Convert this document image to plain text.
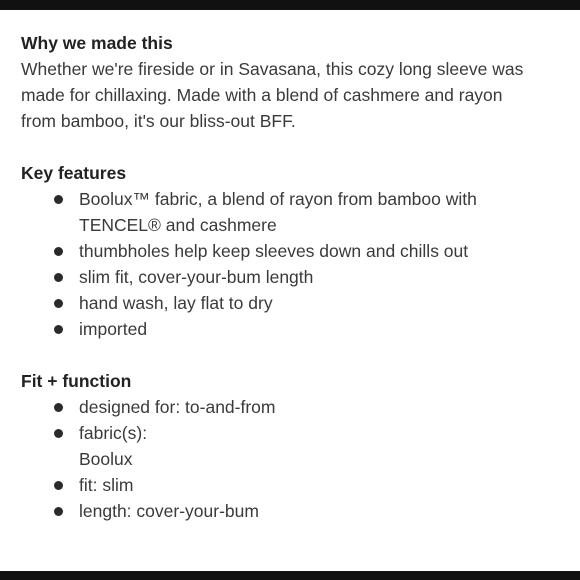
Why we made this

Whether we're fireside or in Savasana, this cozy long sleeve was

made for chillaxing. Made with a blend of cashmere and rayon

from bamboo, it's our bliss-out BFF.

Key features

Boolux™ fabric, a blend of rayon from bamboo with
TENCEL® and cashmere
thumbholes help keep sleeves down and chills out
slim fit, cover-your-bum length
hand wash, lay flat to dry
imported

Fit + function

designed for: to-and-from
fabric(s):
Boolux
fit: slim
length: cover-your-bum
